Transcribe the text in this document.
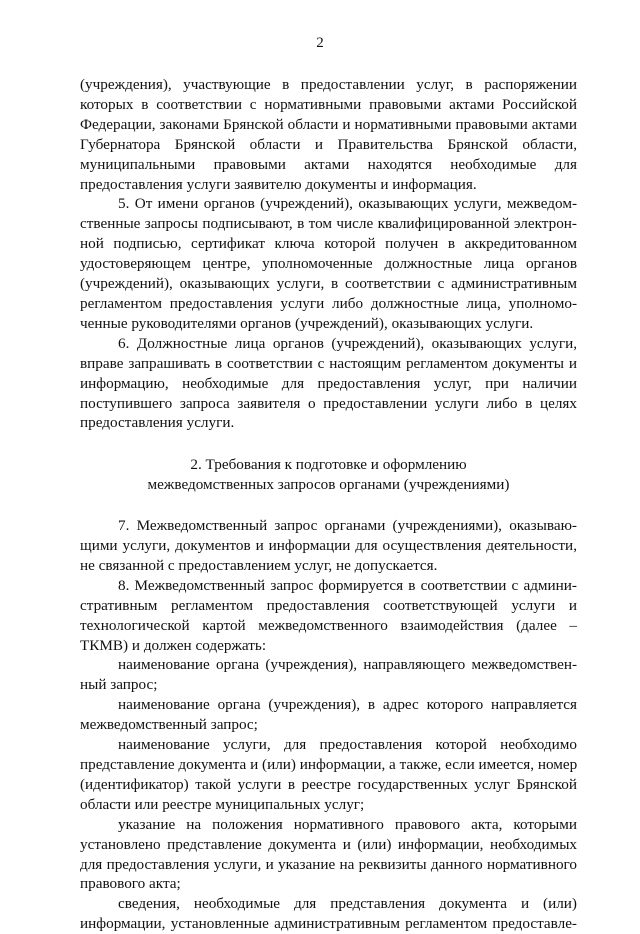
2

(учреждения), участвующие в предоставлении услуг, в распоряжении
которых в соответствии с нормативными правовыми актами Российской
Федерации, законами Брянской области и нормативными правовыми актами
Губернатора Брянской области и Правительства Брянской области,
муниципальными правовыми актами находятся необходимые для
предоставления услуги заявителю документы и информация.

5. От имени органов (учреждений), оказывающих услуги, межведом-
ственные запросы подписывают, в том числе квалифицированной электрон-
ной подписью, сертификат ключа которой получен в аккредитованном
удостоверяющем центре, уполномоченные должностные лица органов
(учреждений), оказывающих услуги, в соответствии с административным
регламентом предоставления услуги либо должностные лица, уполномо-
ченные руководителями органов (учреждений), оказывающих услуги.

6. Должностные лица органов (учреждений), оказывающих услуги,
вправе запрашивать в соответствии с настоящим регламентом документы и
информацию, необходимые для предоставления услуг, при наличии
поступившего запроса заявителя о предоставлении услуги либо в целях
предоставления услуги.

2. Требования к подготовке и оформлению
межведомственных запросов органами (учреждениями)

7. Межведомственный запрос органами (учреждениями), оказываю-
щими услуги, документов и информации для осуществления деятельности,
не связанной с предоставлением услуг, не допускается.

8. Межведомственный запрос формируется в соответствии с админи-
стративным регламентом предоставления соответствующей услуги и
технологической картой межведомственного взаимодействия (далее –
ТКМВ) и должен содержать:

наименование органа (учреждения), направляющего межведомствен-
ный запрос;

наименование органа (учреждения), в адрес которого направляется
межведомственный запрос;

наименование услуги, для предоставления которой необходимо
представление документа и (или) информации, а также, если имеется, номер
(идентификатор) такой услуги в реестре государственных услуг Брянской
области или реестре муниципальных услуг;

указание на положения нормативного правового акта, которыми
установлено представление документа и (или) информации, необходимых
для предоставления услуги, и указание на реквизиты данного нормативного
правового акта;

сведения, необходимые для представления документа и (или)
информации, установленные административным регламентом предоставле-
